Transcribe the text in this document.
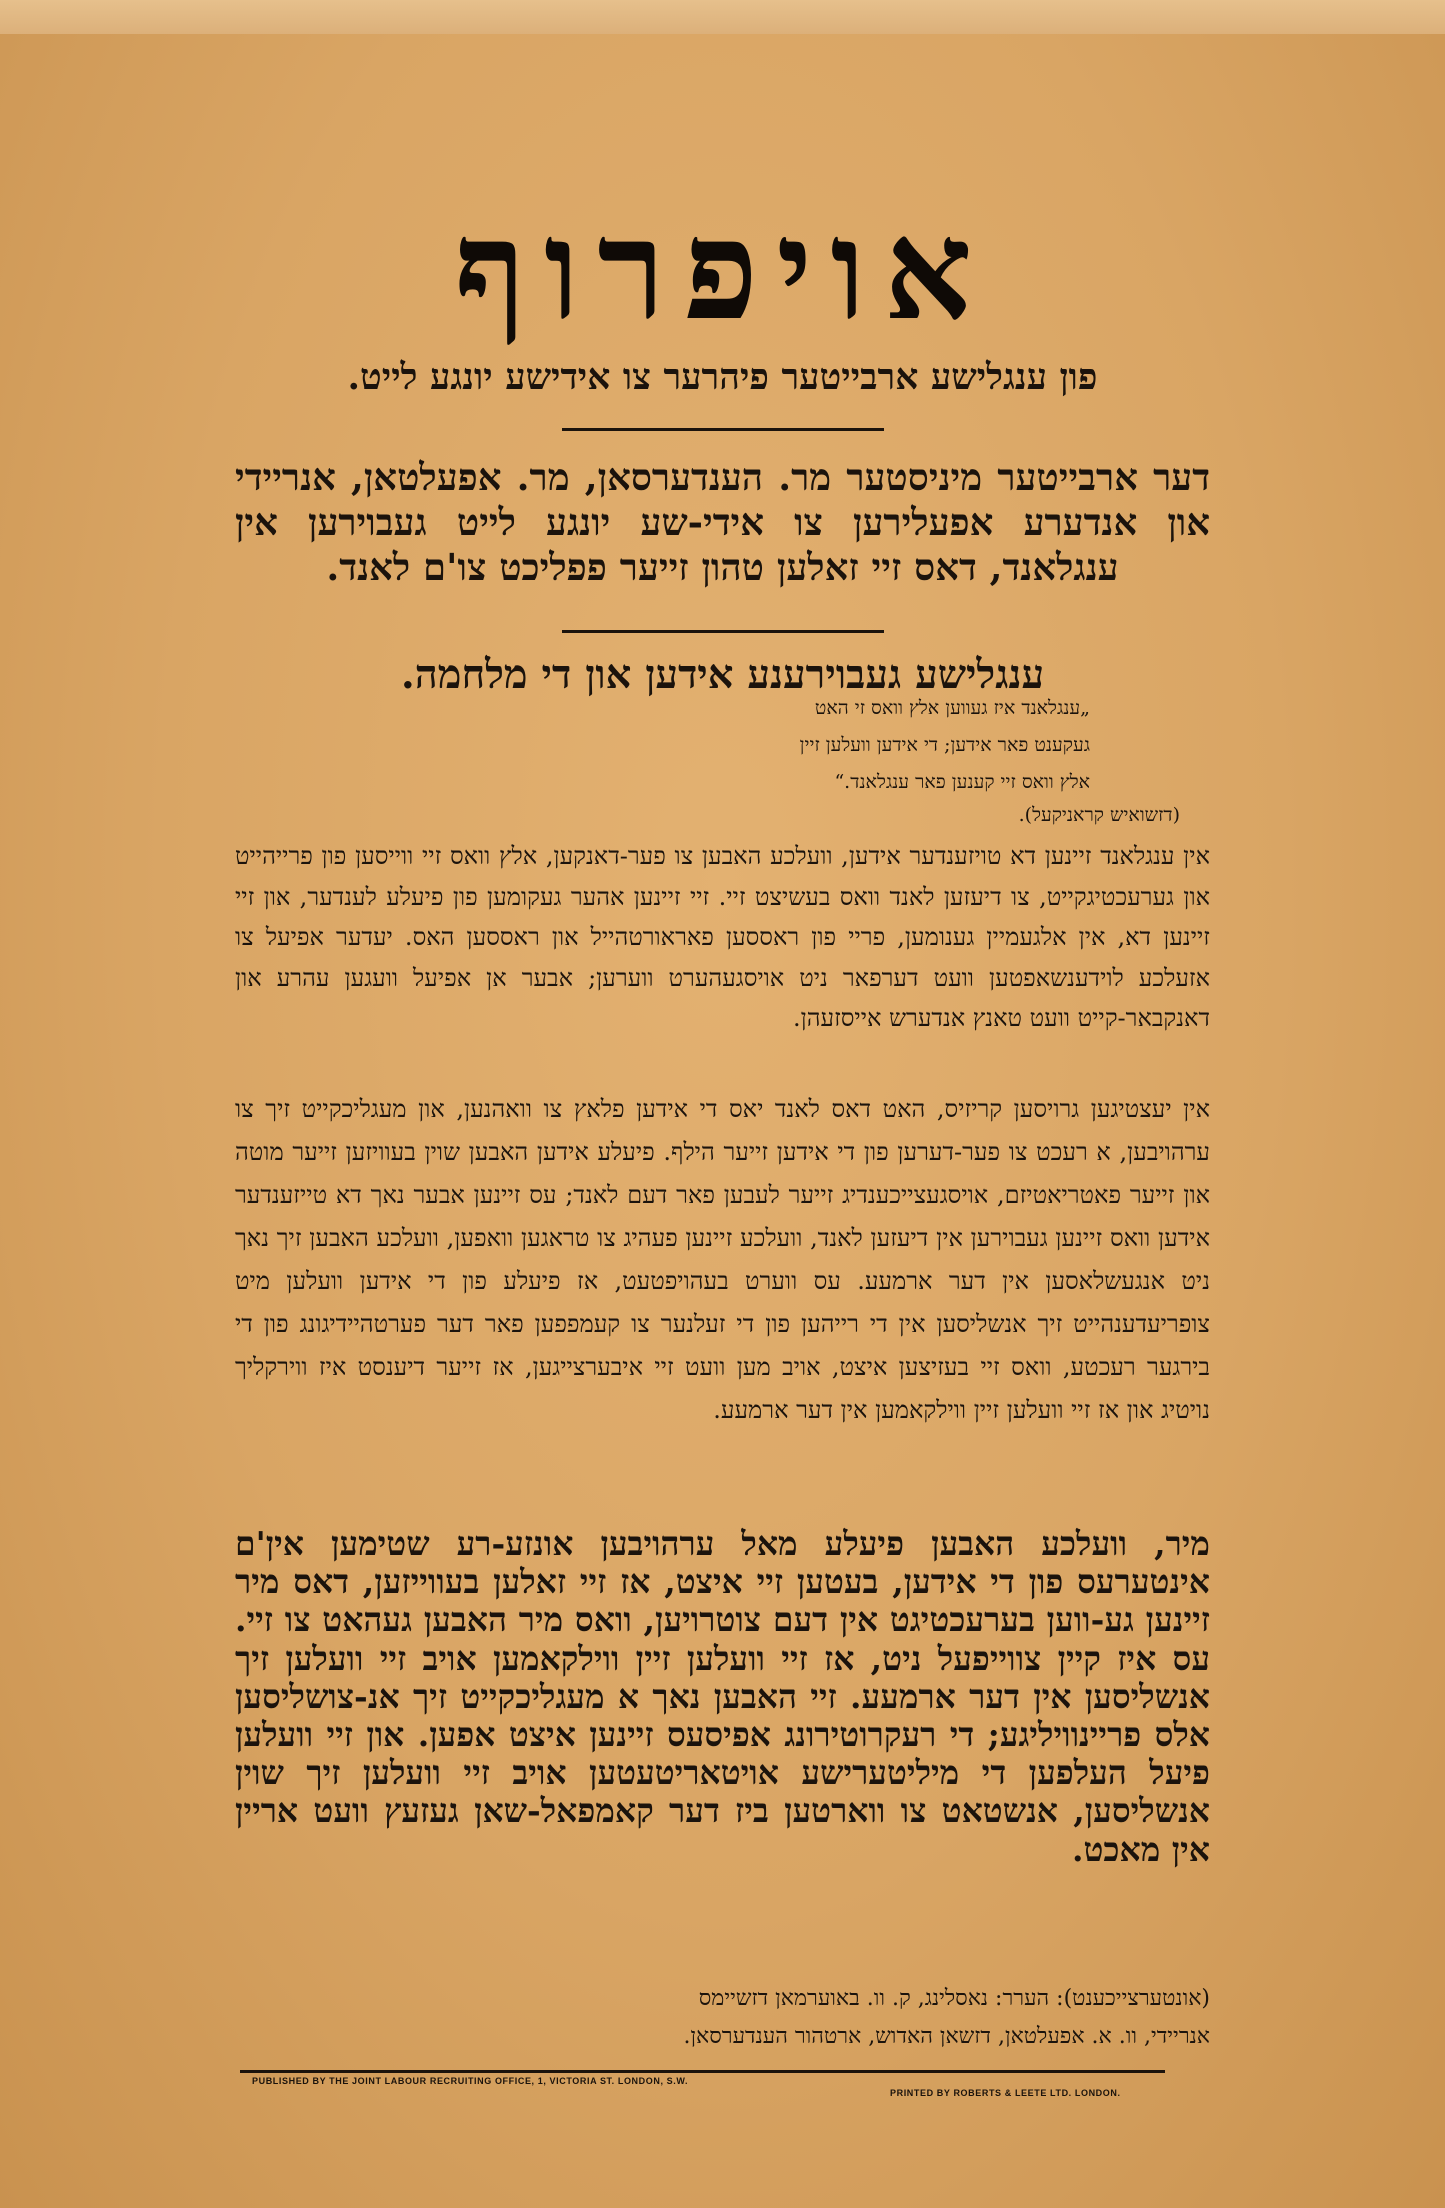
אויפרוף
פון ענגלישע ארבייטער פיהרער צו אידישע יונגע לייט.
דער ארבייטער מיניסטער מר. הענדערסאן, מר. אפעלטאן, אנריידי און אנדערע אפעלירען צו אידי-שע יונגע לייט געבוירען אין ענגלאנד, דאס זיי זאלען טהון זייער פפליכט צו'ם לאנד.
ענגלישע געבוירענע אידען און די מלחמה.

„ענגלאנד איז געווען אלץ וואס זי האט

געקענט פאר אידען; די אידען וועלען זיין

אלץ וואס זיי קענען פאר ענגלאנד.“

(דזשואיש קראניקעל).
אין ענגלאנד זיינען דא טויזענדער אידען, וועלכע האבען צו פער-דאנקען, אלץ וואס זיי ווייסען פון פרייהייט און גערעכטיגקייט, צו דיעזען לאנד וואס בעשיצט זיי. זיי זיינען אהער געקומען פון פיעלע לענדער, און זיי זיינען דא, אין אלגעמיין גענומען, פריי פון ראססען פאראורטהייל און ראססען האס. יעדער אפיעל צו אזעלכע לוידענשאפטען וועט דערפאר ניט אויסגעהערט ווערען; אבער אן אפיעל וועגען עהרע און דאנקבאר-קייט וועט טאנץ אנדערש אייסזעהן.
אין יעצטיגען גרויסען קריזיס, האט דאס לאנד יאס די אידען פלאץ צו וואהנען, און מעגליכקייט זיך צו ערהויבען, א רעכט צו פער-דערען פון די אידען זייער הילף. פיעלע אידען האבען שוין בעוויזען זייער מוטה און זייער פאטריאטיזם, אויסגעצייכענדיג זייער לעבען פאר דעם לאנד; עס זיינען אבער נאך דא טייזענדער אידען וואס זיינען געבוירען אין דיעזען לאנד, וועלכע זיינען פעהיג צו טראגען וואפען, וועלכע האבען זיך נאך ניט אנגעשלאסען אין דער ארמעע. עס ווערט בעהויפטעט, אז פיעלע פון די אידען וועלען מיט צופריעדענהייט זיך אנשליסען אין די רייהען פון די זעלנער צו קעמפפען פאר דער פערטהיידיגונג פון די בירגער רעכטע, וואס זיי בעזיצען איצט, אויב מען וועט זיי איבערצייגען, אז זייער דיענסט איז ווירקליך נויטיג און אז זיי וועלען זיין ווילקאמען אין דער ארמעע.
מיר, וועלכע האבען פיעלע מאל ערהויבען אונזע-רע שטימען אין'ם אינטערעס פון די אידען, בעטען זיי איצט, אז זיי זאלען בעווייזען, דאס מיר זיינען גע-ווען בערעכטיגט אין דעם צוטרויען, וואס מיר האבען געהאט צו זיי. עס איז קיין צווייפעל ניט, אז זיי וועלען זיין ווילקאמען אויב זיי וועלען זיך אנשליסען אין דער ארמעע. זיי האבען נאך א מעגליכקייט זיך אנ-צושליסען אלס פריינוויליגע; די רעקרוטירונג אפיסעס זיינען איצט אפען. און זיי וועלען פיעל העלפען די מיליטערישע אויטאריטעטען אויב זיי וועלען זיך שוין אנשליסען, אנשטאט צו ווארטען ביז דער קאמפאל-שאן געזעץ וועט אריין אין מאכט.

(אונטערצייכענט): הערר: נאסלינג, ק. וו. באוערמאן דזשיימס

אנריידי, וו. א. אפעלטאן, דזשאן האדוש, ארטהור הענדערסאן.

PUBLISHED BY THE JOINT LABOUR RECRUITING OFFICE, 1, VICTORIA ST. LONDON, S.W.
PRINTED BY ROBERTS & LEETE LTD. LONDON.
